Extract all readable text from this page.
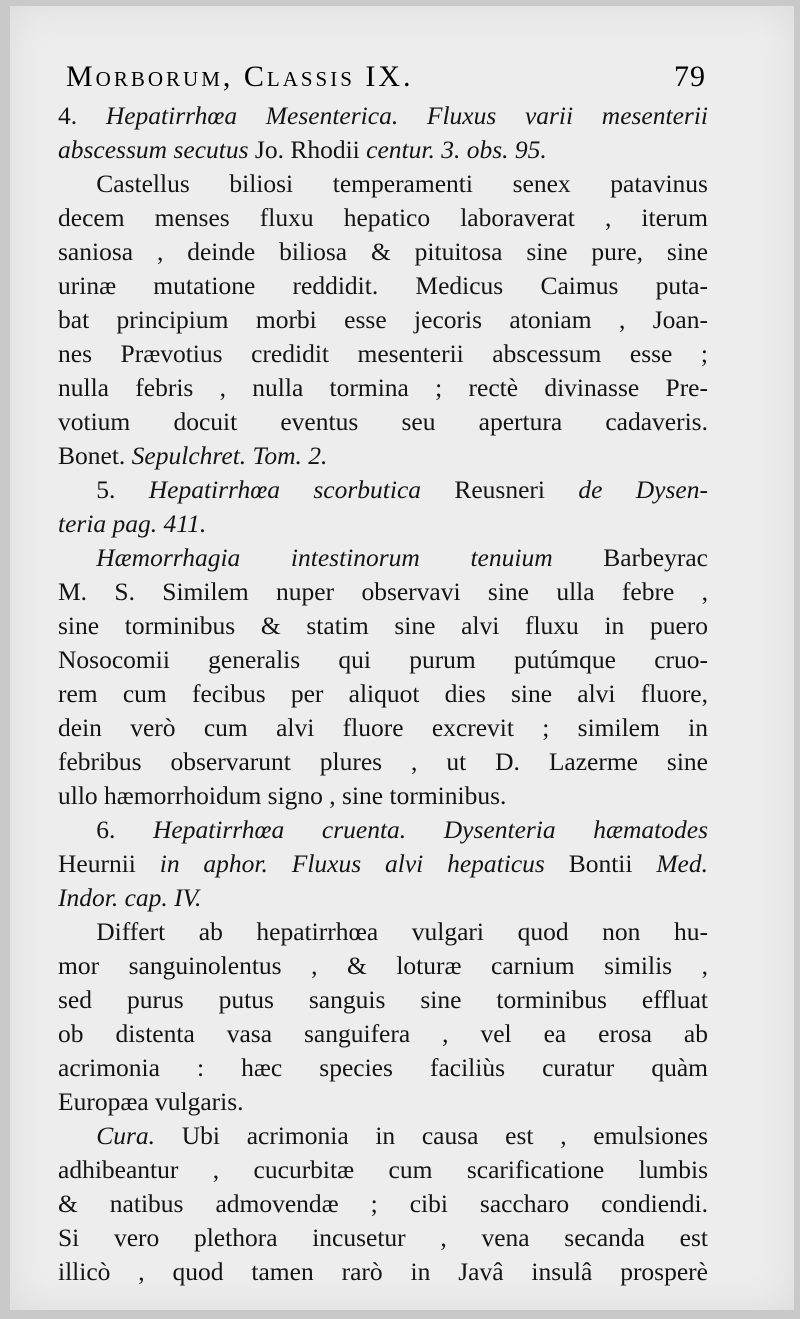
Morborum, Classis IX.	79
4. Hepatirrhœa Mesenterica. Fluxus varii mesenterii
abscessum secutus Jo. Rhodii centur. 3. obs. 95.
  Castellus biliosi temperamenti senex patavinus
decem menses fluxu hepatico laboraverat , iterum
saniosa , deinde biliosa & pituitosa sine pure, sine
urinæ mutatione reddidit. Medicus Caimus puta-
bat principium morbi esse jecoris atoniam , Joan-
nes Prævotius credidit mesenterii abscessum esse ;
nulla febris , nulla tormina ; rectè divinasse Pre-
votium docuit eventus seu apertura cadaveris.
Bonet. Sepulchret. Tom. 2.
  5. Hepatirrhœa scorbutica Reusneri de Dysen-
teria pag. 411.
  Hæmorrhagia intestinorum tenuium Barbeyrac
M. S. Similem nuper observavi sine ulla febre ,
sine torminibus & statim sine alvi fluxu in puero
Nosocomii generalis qui purum putúmque cruo-
rem cum fecibus per aliquot dies sine alvi fluore,
dein verò cum alvi fluore excrevit ; similem in
febribus observarunt plures , ut D. Lazerme sine
ullo hæmorrhoidum signo , sine torminibus.
  6. Hepatirrhœa cruenta. Dysenteria hæmatodes
Heurnii in aphor. Fluxus alvi hepaticus Bontii Med.
Indor. cap. IV.
  Differt ab hepatirrhœa vulgari quod non hu-
mor sanguinolentus , & loturæ carnium similis ,
sed purus putus sanguis sine torminibus effluat
ob distenta vasa sanguifera , vel ea erosa ab
acrimonia : hæc species faciliùs curatur quàm
Europæa vulgaris.
  Cura. Ubi acrimonia in causa est , emulsiones
adhibeantur , cucurbitæ cum scarificatione lumbis
& natibus admovendæ ; cibi saccharo condiendi.
Si vero plethora incusetur , vena secanda est
illicò , quod tamen rarò in Javâ insulâ prosperè
